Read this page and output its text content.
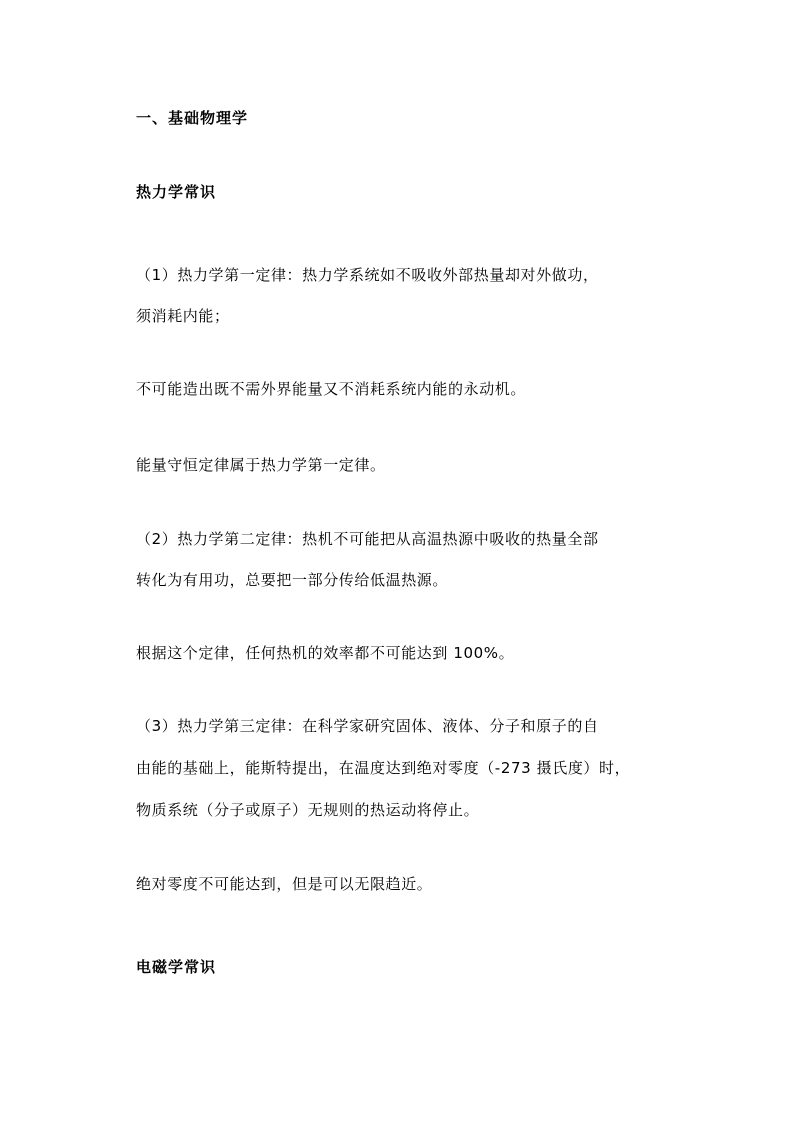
一、基础物理学
热力学常识
（1）热力学第一定律：热力学系统如不吸收外部热量却对外做功，
须消耗内能；
不可能造出既不需外界能量又不消耗系统内能的永动机。
能量守恒定律属于热力学第一定律。
（2）热力学第二定律：热机不可能把从高温热源中吸收的热量全部
转化为有用功，总要把一部分传给低温热源。
根据这个定律，任何热机的效率都不可能达到 100%。
（3）热力学第三定律：在科学家研究固体、液体、分子和原子的自
由能的基础上，能斯特提出，在温度达到绝对零度（-273 摄氏度）时，
物质系统（分子或原子）无规则的热运动将停止。
绝对零度不可能达到，但是可以无限趋近。
电磁学常识
